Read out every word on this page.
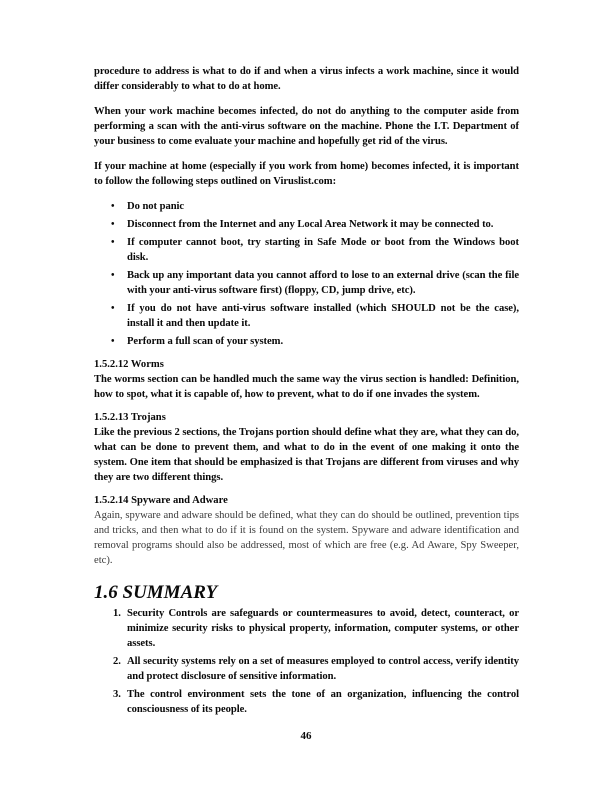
procedure to address is what to do if and when a virus infects a work machine, since it would differ considerably to what to do at home.

When your work machine becomes infected, do not do anything to the computer aside from performing a scan with the anti-virus software on the machine. Phone the I.T. Department of your business to come evaluate your machine and hopefully get rid of the virus.

If your machine at home (especially if you work from home) becomes infected, it is important to follow the following steps outlined on Viruslist.com:

• Do not panic
• Disconnect from the Internet and any Local Area Network it may be connected to.
• If computer cannot boot, try starting in Safe Mode or boot from the Windows boot disk.
• Back up any important data you cannot afford to lose to an external drive (scan the file with your anti-virus software first) (floppy, CD, jump drive, etc).
• If you do not have anti-virus software installed (which SHOULD not be the case), install it and then update it.
• Perform a full scan of your system.
1.5.2.12 Worms

The worms section can be handled much the same way the virus section is handled: Definition, how to spot, what it is capable of, how to prevent, what to do if one invades the system.

1.5.2.13 Trojans

Like the previous 2 sections, the Trojans portion should define what they are, what they can do, what can be done to prevent them, and what to do in the event of one making it onto the system. One item that should be emphasized is that Trojans are different from viruses and why they are two different things.

1.5.2.14 Spyware and Adware

Again, spyware and adware should be defined, what they can do should be outlined, prevention tips and tricks, and then what to do if it is found on the system. Spyware and adware identification and removal programs should also be addressed, most of which are free (e.g. Ad Aware, Spy Sweeper, etc).

1.6 SUMMARY
1. Security Controls are safeguards or countermeasures to avoid, detect, counteract, or minimize security risks to physical property, information, computer systems, or other assets.
2. All security systems rely on a set of measures employed to control access, verify identity and protect disclosure of sensitive information.
3. The control environment sets the tone of an organization, influencing the control consciousness of its people.
46
